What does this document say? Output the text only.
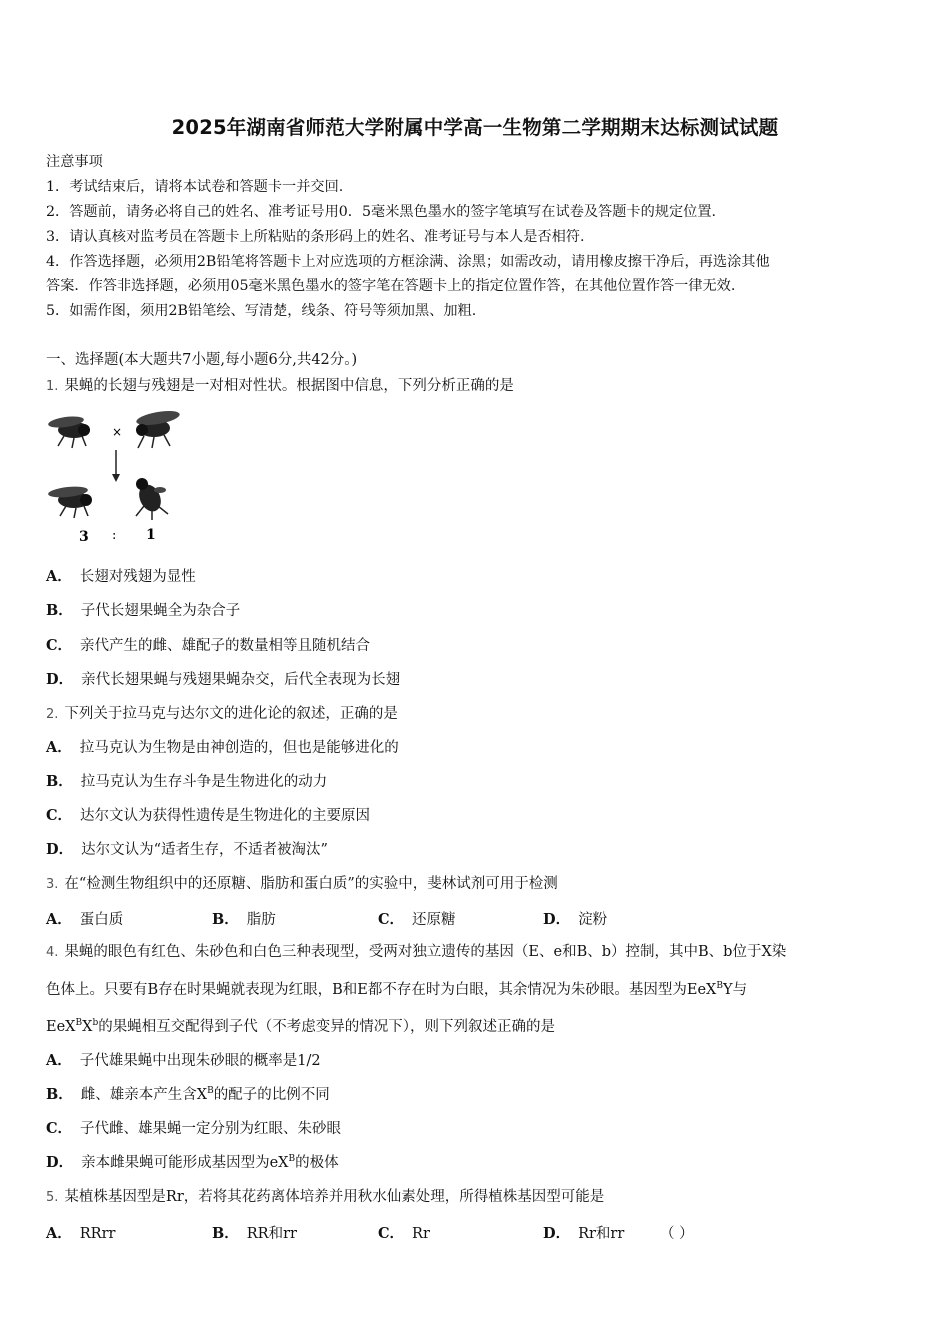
2025年湖南省师范大学附属中学高一生物第二学期期末达标测试试题
注意事项
1．考试结束后，请将本试卷和答题卡一并交回.
2．答题前，请务必将自己的姓名、准考证号用0．5毫米黑色墨水的签字笔填写在试卷及答题卡的规定位置.
3．请认真核对监考员在答题卡上所粘贴的条形码上的姓名、准考证号与本人是否相符.
4．作答选择题，必须用2B铅笔将答题卡上对应选项的方框涂满、涂黑；如需改动，请用橡皮擦干净后，再选涂其他
答案．作答非选择题，必须用05毫米黑色墨水的签字笔在答题卡上的指定位置作答，在其他位置作答一律无效.
5．如需作图，须用2B铅笔绘、写清楚，线条、符号等须加黑、加粗.
一、选择题(本大题共7小题,每小题6分,共42分。)
1. 果蝇的长翅与残翅是一对相对性状。根据图中信息，下列分析正确的是
×
3 : 1
A． 长翅对残翅为显性
B． 子代长翅果蝇全为杂合子
C． 亲代产生的雌、雄配子的数量相等且随机结合
D． 亲代长翅果蝇与残翅果蝇杂交，后代全表现为长翅
2. 下列关于拉马克与达尔文的进化论的叙述，正确的是
A． 拉马克认为生物是由神创造的，但也是能够进化的
B． 拉马克认为生存斗争是生物进化的动力
C． 达尔文认为获得性遗传是生物进化的主要原因
D． 达尔文认为“适者生存，不适者被淘汰”
3. 在“检测生物组织中的还原糖、脂肪和蛋白质”的实验中，斐林试剂可用于检测
A． 蛋白质	B． 脂肪	C． 还原糖	D． 淀粉
4. 果蝇的眼色有红色、朱砂色和白色三种表现型，受两对独立遗传的基因（E、e和B、b）控制，其中B、b位于X染
色体上。只要有B存在时果蝇就表现为红眼，B和E都不存在时为白眼，其余情况为朱砂眼。基因型为EeX$^B$Y与
$EeX^BX^b$的果蝇相互交配得到子代（不考虑变异的情况下），则下列叙述正确的是
A． 子代雄果蝇中出现朱砂眼的概率是1/2
B． 雌、雄亲本产生含$X^B$的配子的比例不同
C． 子代雌、雄果蝇一定分别为红眼、朱砂眼
D． 亲本雌果蝇可能形成基因型为$eX^B$的极体
5. 某植株基因型是Rr，若将其花药离体培养并用秋水仙素处理，所得植株基因型可能是
A． RRrr	B． RR和rr	C． Rr	D． Rr和rr （ ）
